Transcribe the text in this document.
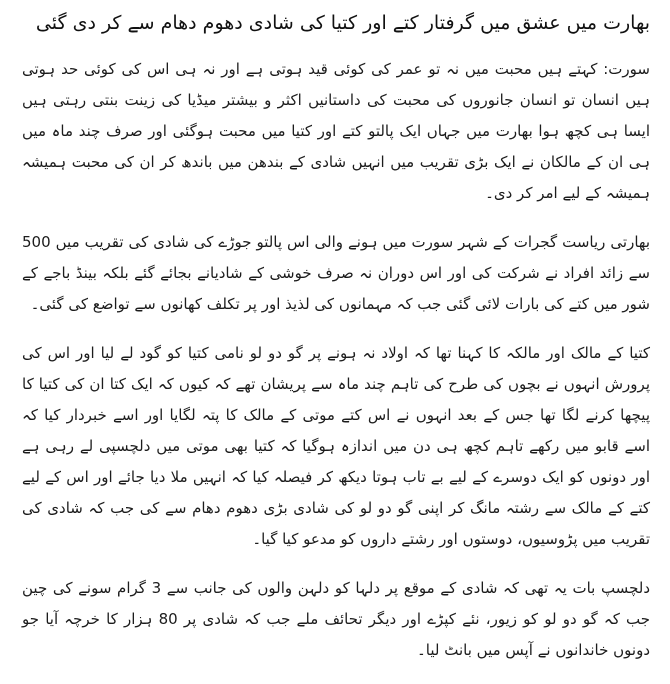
بھارت میں عشق میں گرفتار کتے اور کتیا کی شادی دھوم دھام سے کر دی گئی

سورت: کہتے ہیں محبت میں نہ تو عمر کی کوئی قید ہوتی ہے اور نہ ہی اس کی کوئی حد ہوتی ہیں انسان تو انسان جانوروں کی محبت کی داستانیں اکثر و بیشتر میڈیا کی زینت بنتی رہتی ہیں ایسا ہی کچھ ہوا بھارت میں جہاں ایک پالتو کتے اور کتیا میں محبت ہوگئی اور صرف چند ماہ میں ہی ان کے مالکان نے ایک بڑی تقریب میں انہیں شادی کے بندھن میں باندھ کر ان کی محبت ہمیشہ ہمیشہ کے لیے امر کر دی۔

بھارتی ریاست گجرات کے شہر سورت میں ہونے والی اس پالتو جوڑے کی شادی کی تقریب میں 500 سے زائد افراد نے شرکت کی اور اس دوران نہ صرف خوشی کے شادیانے بجائے گئے بلکہ بینڈ باجے کے شور میں کتے کی بارات لائی گئی جب کہ مہمانوں کی لذیذ اور پر تکلف کھانوں سے تواضع کی گئی۔

کتیا کے مالک اور مالکہ کا کہنا تھا کہ اولاد نہ ہونے پر گو دو لو نامی کتیا کو گود لے لیا اور اس کی پرورش انہوں نے بچوں کی طرح کی تاہم چند ماہ سے پریشان تھے کہ کیوں کہ ایک کتا ان کی کتیا کا پیچھا کرنے لگا تھا جس کے بعد انہوں نے اس کتے موتی کے مالک کا پتہ لگایا اور اسے خبردار کیا کہ اسے قابو میں رکھے تاہم کچھ ہی دن میں اندازہ ہوگیا کہ کتیا بھی موتی میں دلچسپی لے رہی ہے اور دونوں کو ایک دوسرے کے لیے بے تاب ہوتا دیکھ کر فیصلہ کیا کہ انہیں ملا دیا جائے اور اس کے لیے کتے کے مالک سے رشتہ مانگ کر اپنی گو دو لو کی شادی بڑی دھوم دھام سے کی جب کہ شادی کی تقریب میں پڑوسیوں، دوستوں اور رشتے داروں کو مدعو کیا گیا۔

دلچسپ بات یہ تھی کہ شادی کے موقع پر دلہا کو دلہن والوں کی جانب سے 3 گرام سونے کی چین جب کہ گو دو لو کو زیور، نئے کپڑے اور دیگر تحائف ملے جب کہ شادی پر 80 ہزار کا خرچہ آیا جو دونوں خاندانوں نے آپس میں بانٹ لیا۔
